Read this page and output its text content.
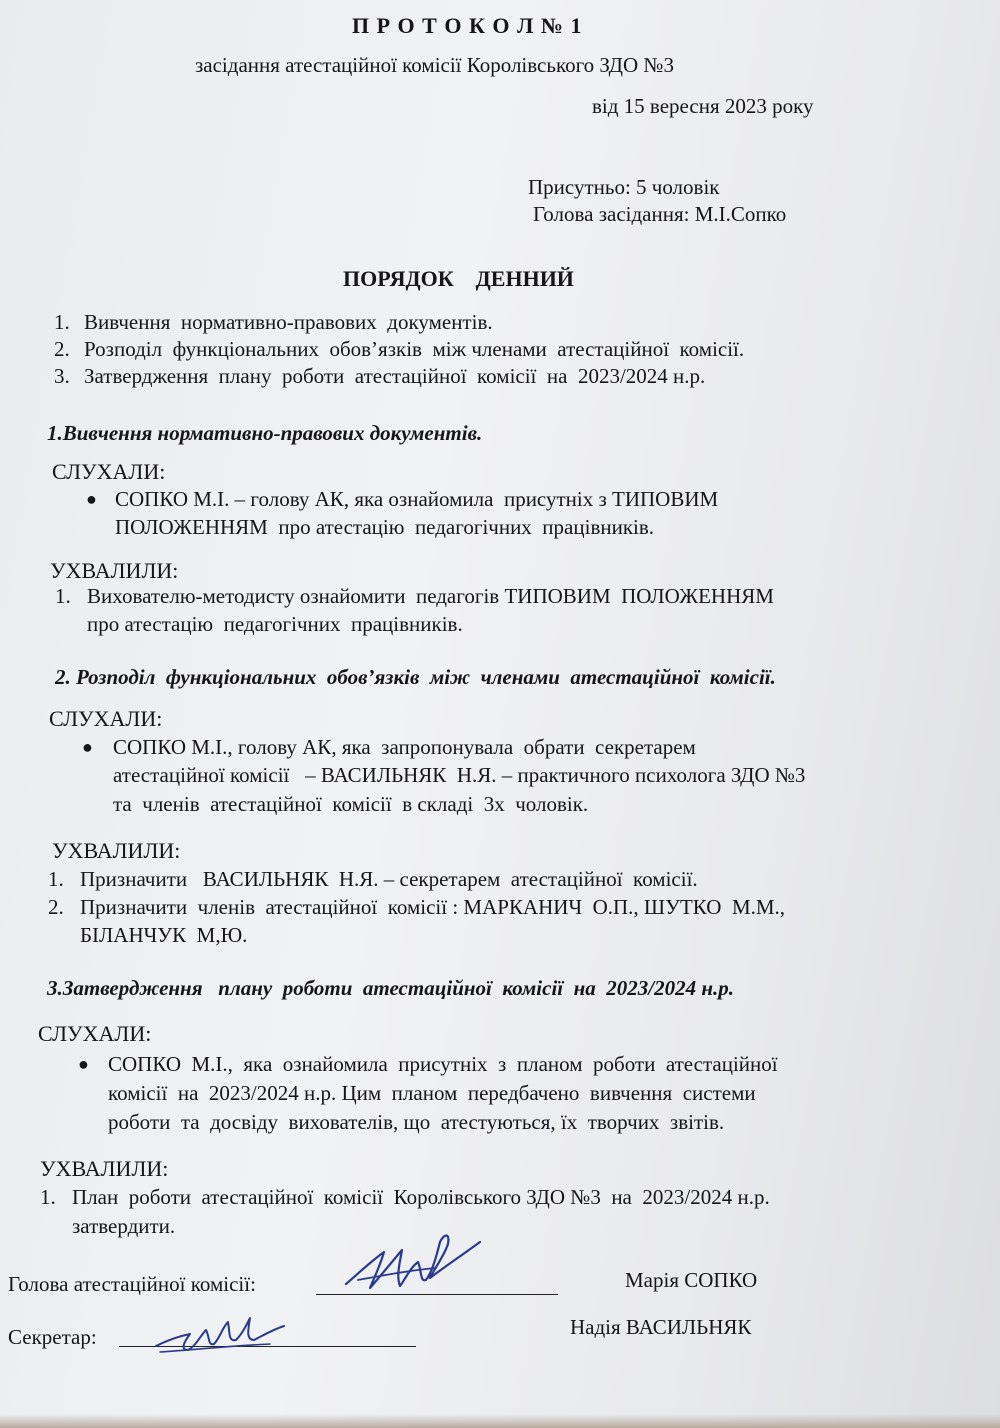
П Р О Т О К О Л № 1
засідання атестаційної комісії Королівського ЗДО №3
від 15 вересня 2023 року
Присутньо: 5 чоловік
Голова засідання: М.І.Сопко
ПОРЯДОК    ДЕННИЙ
1. Вивчення  нормативно-правових  документів.
2. Розподіл  функціональних  обов’язків  між членами  атестаційної  комісії.
3. Затвердження  плану  роботи  атестаційної  комісії  на  2023/2024 н.р.
1.Вивчення нормативно-правових документів.
СЛУХАЛИ:
● СОПКО М.І. – голову АК, яка ознайомила  присутніх з ТИПОВИМ
ПОЛОЖЕННЯМ  про атестацію  педагогічних  працівників.
УХВАЛИЛИ:
1. Вихователю-методисту ознайомити  педагогів ТИПОВИМ  ПОЛОЖЕННЯМ
про атестацію  педагогічних  працівників.
2. Розподіл  функціональних  обов’язків  між  членами  атестаційної  комісії.
СЛУХАЛИ:
● СОПКО М.І., голову АК, яка  запропонувала  обрати  секретарем
атестаційної комісії   – ВАСИЛЬНЯК  Н.Я. – практичного психолога ЗДО №3
та  членів  атестаційної  комісії  в складі  3х  чоловік.
УХВАЛИЛИ:
1. Призначити   ВАСИЛЬНЯК  Н.Я. – секретарем  атестаційної  комісії.
2. Призначити  членів  атестаційної  комісії : МАРКАНИЧ  О.П., ШУТКО  М.М.,
БІЛАНЧУК  М,Ю.
3.Затвердження   плану  роботи  атестаційної  комісії  на  2023/2024 н.р.
СЛУХАЛИ:
● СОПКО  М.І.,  яка  ознайомила  присутніх  з  планом  роботи  атестаційної
комісії  на  2023/2024 н.р. Цим  планом  передбачено  вивчення  системи
роботи  та  досвіду  вихователів, що  атестуються, їх  творчих  звітів.
УХВАЛИЛИ:
1. План  роботи  атестаційної  комісії  Королівського ЗДО №3  на  2023/2024 н.р.
затвердити.
Голова атестаційної комісії:	Марія СОПКО
Секретар:	Надія ВАСИЛЬНЯК
